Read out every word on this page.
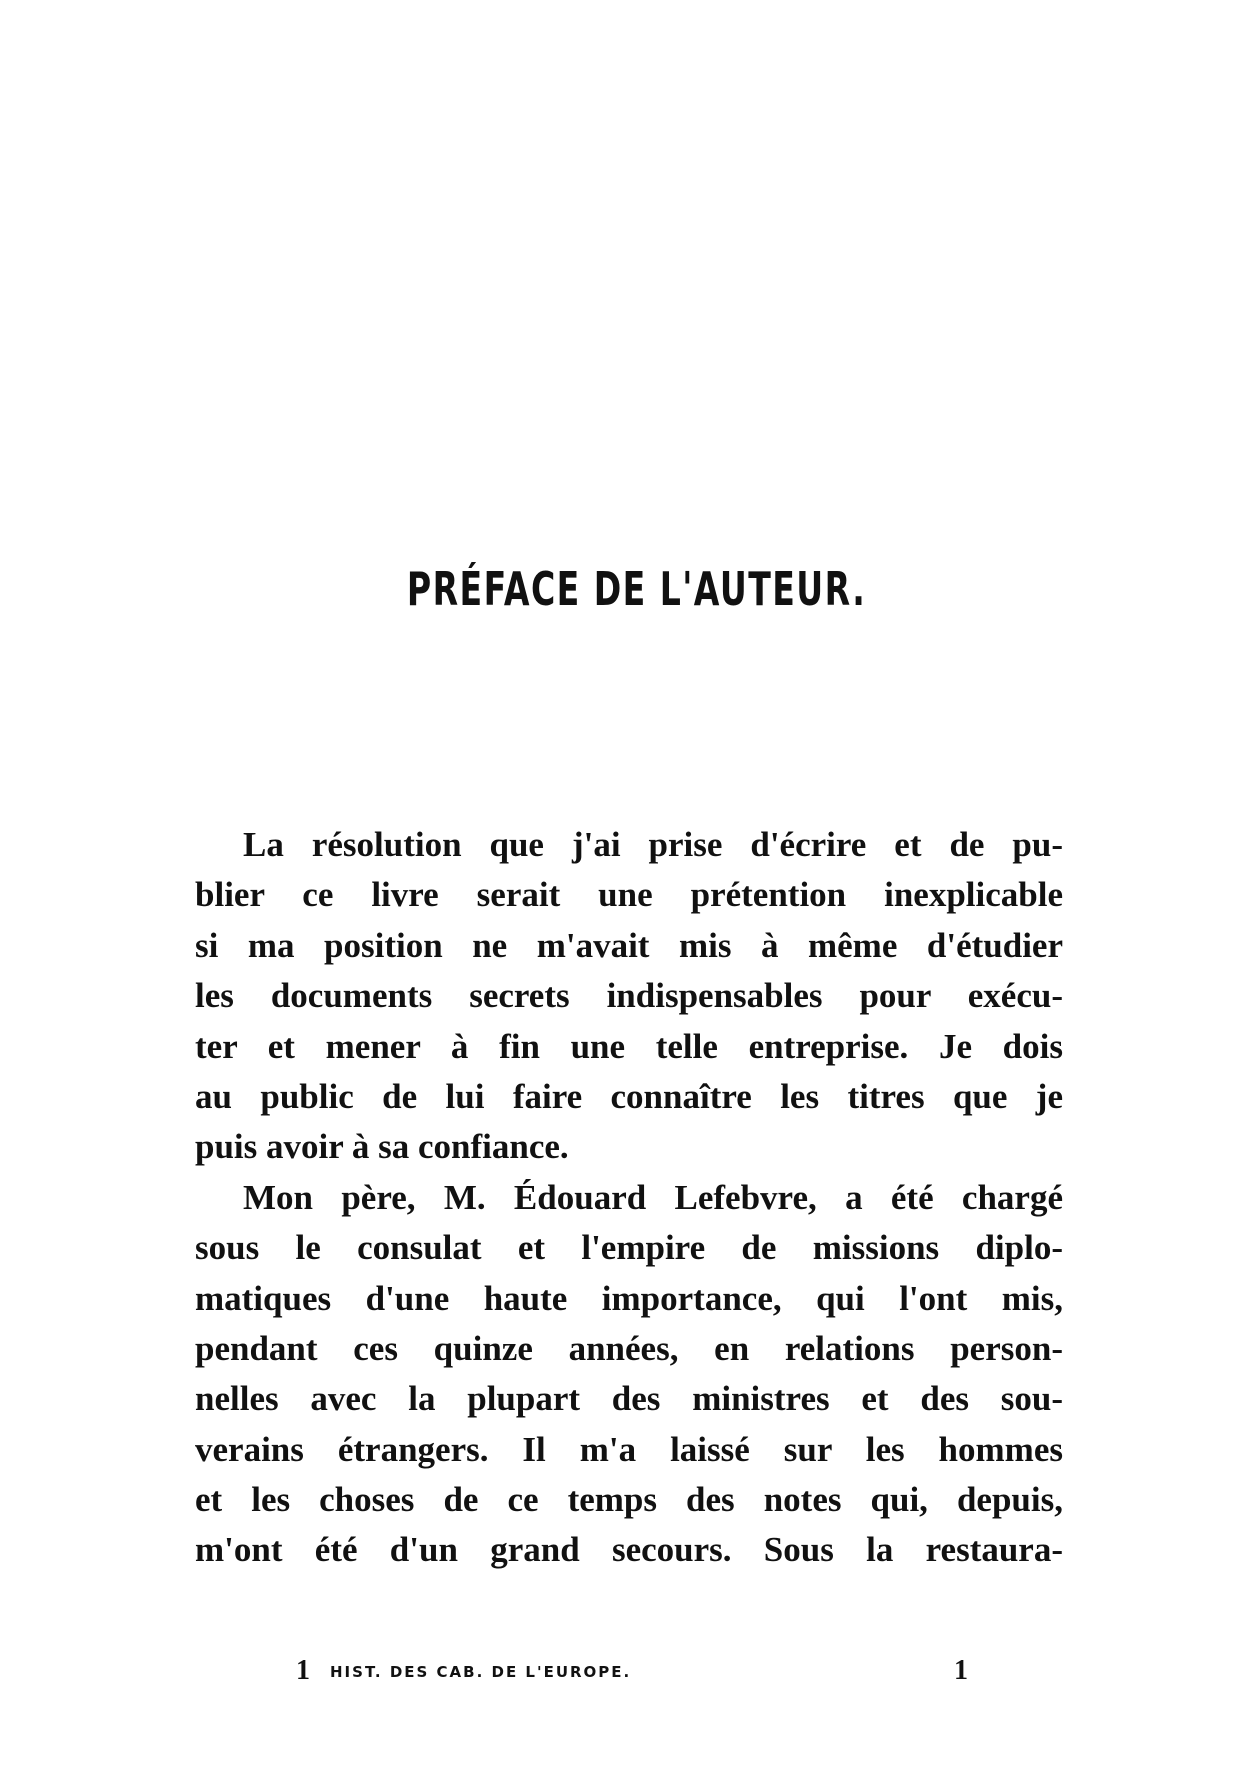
PRÉFACE DE L'AUTEUR.
La résolution que j'ai prise d'écrire et de pu-
blier ce livre serait une prétention inexplicable
si ma position ne m'avait mis à même d'étudier
les documents secrets indispensables pour exécu-
ter et mener à fin une telle entreprise. Je dois
au public de lui faire connaître les titres que je
puis avoir à sa confiance.
Mon père, M. Édouard Lefebvre, a été chargé
sous le consulat et l'empire de missions diplo-
matiques d'une haute importance, qui l'ont mis,
pendant ces quinze années, en relations person-
nelles avec la plupart des ministres et des sou-
verains étrangers. Il m'a laissé sur les hommes
et les choses de ce temps des notes qui, depuis,
m'ont été d'un grand secours. Sous la restaura-
1 HIST. DES CAB. DE L'EUROPE.	1
